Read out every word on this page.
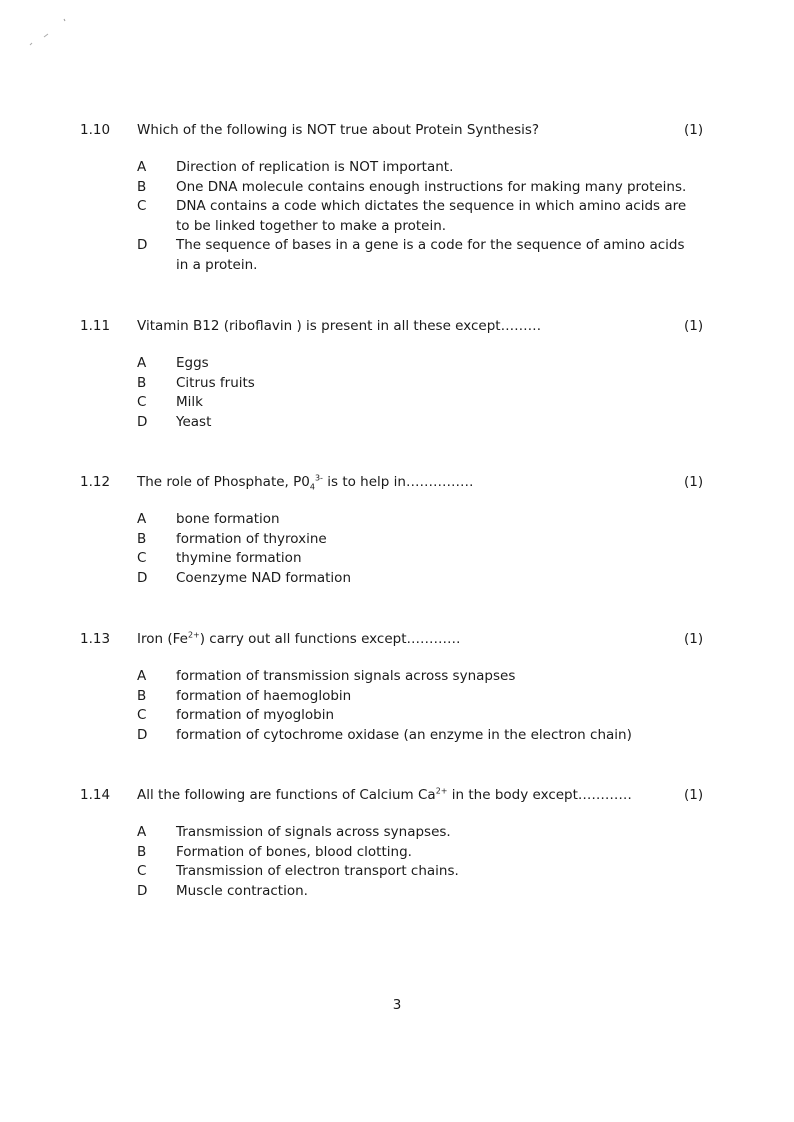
1.10 Which of the following is NOT true about Protein Synthesis?	(1)
A Direction of replication is NOT important.
B One DNA molecule contains enough instructions for making many proteins.
C DNA contains a code which dictates the sequence in which amino acids are to be linked together to make a protein.
D The sequence of bases in a gene is a code for the sequence of amino acids in a protein.
1.11 Vitamin B12 (riboflavin ) is present in all these except………	(1)
A Eggs
B Citrus fruits
C Milk
D Yeast
1.12 The role of Phosphate, $P0_4^{3-}$ is to help in……………	(1)
A bone formation
B formation of thyroxine
C thymine formation
D Coenzyme NAD formation
1.13 Iron $(Fe^{2+})$ carry out all functions except…………	(1)
A formation of transmission signals across synapses
B formation of haemoglobin
C formation of myoglobin
D formation of cytochrome oxidase (an enzyme in the electron chain)
1.14 All the following are functions of Calcium $Ca^{2+}$ in the body except…………	(1)
A Transmission of signals across synapses.
B Formation of bones, blood clotting.
C Transmission of electron transport chains.
D Muscle contraction.
3
